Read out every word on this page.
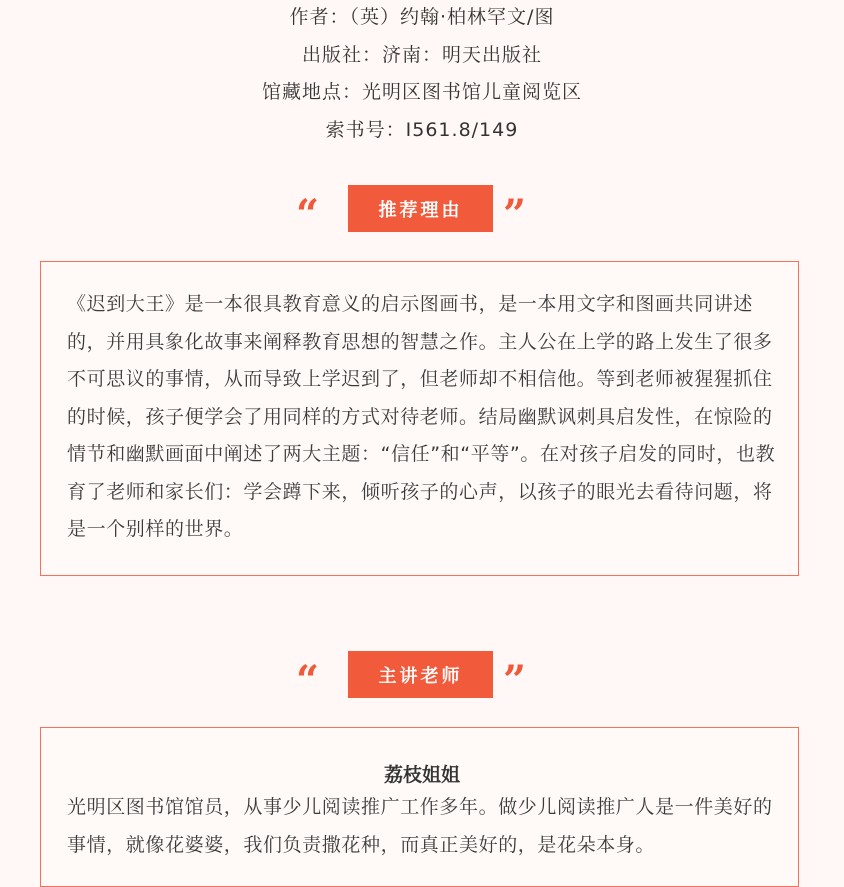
作者：（英）约翰·柏林罕文/图
出版社：济南：明天出版社
馆藏地点：光明区图书馆儿童阅览区
索书号：I561.8/149
“	推荐理由	”
《迟到大王》是一本很具教育意义的启示图画书，是一本用文字和图画共同讲述的，并用具象化故事来阐释教育思想的智慧之作。主人公在上学的路上发生了很多不可思议的事情，从而导致上学迟到了，但老师却不相信他。等到老师被猩猩抓住的时候，孩子便学会了用同样的方式对待老师。结局幽默讽刺具启发性，在惊险的情节和幽默画面中阐述了两大主题：“信任”和“平等”。在对孩子启发的同时，也教育了老师和家长们：学会蹲下来，倾听孩子的心声，以孩子的眼光去看待问题，将是一个别样的世界。
“	主讲老师	”
荔枝姐姐
光明区图书馆馆员，从事少儿阅读推广工作多年。做少儿阅读推广人是一件美好的事情，就像花婆婆，我们负责撒花种，而真正美好的，是花朵本身。
